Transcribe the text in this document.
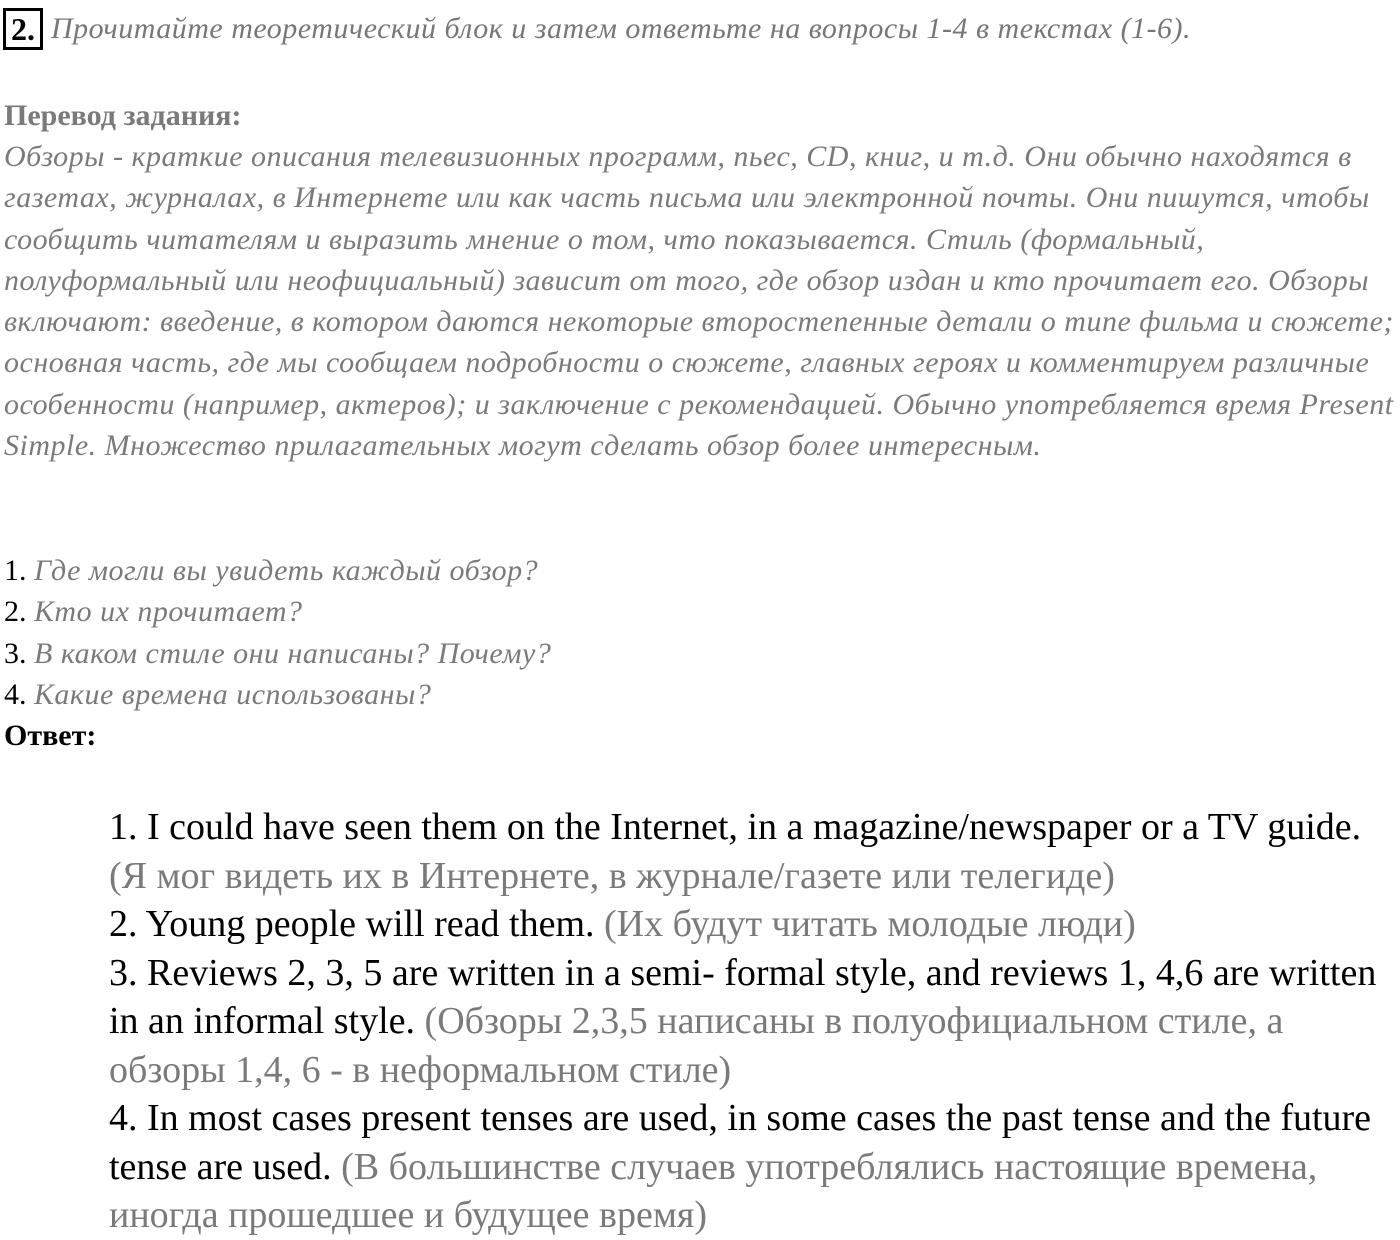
2. Прочитайте теоретический блок и затем ответьте на вопросы 1-4 в текстах (1-6).
Перевод задания:
Обзоры - краткие описания телевизионных программ, пьес, CD, книг, и т.д. Они обычно находятся в газетах, журналах, в Интернете или как часть письма или электронной почты. Они пишутся, чтобы сообщить читателям и выразить мнение о том, что показывается. Стиль (формальный, полуформальный или неофициальный) зависит от того, где обзор издан и кто прочитает его. Обзоры включают: введение, в котором даются некоторые второстепенные детали о типе фильма и сюжете; основная часть, где мы сообщаем подробности о сюжете, главных героях и комментируем различные особенности (например, актеров); и заключение с рекомендацией. Обычно употребляется время Present Simple. Множество прилагательных могут сделать обзор более интересным.
1. Где могли вы увидеть каждый обзор?
2. Кто их прочитает?
3. В каком стиле они написаны? Почему?
4. Какие времена использованы?
Ответ:
1. I could have seen them on the Internet, in a magazine/newspaper or a TV guide. (Я мог видеть их в Интернете, в журнале/газете или телегиде)
2. Young people will read them. (Их будут читать молодые люди)
3. Reviews 2, 3, 5 are written in a semi- formal style, and reviews 1, 4,6 are written in an informal style. (Обзоры 2,3,5 написаны в полуофициальном стиле, а обзоры 1,4, 6 - в неформальном стиле)
4. In most cases present tenses are used, in some cases the past tense and the future tense are used. (В большинстве случаев употреблялись настоящие времена, иногда прошедшее и будущее время)
